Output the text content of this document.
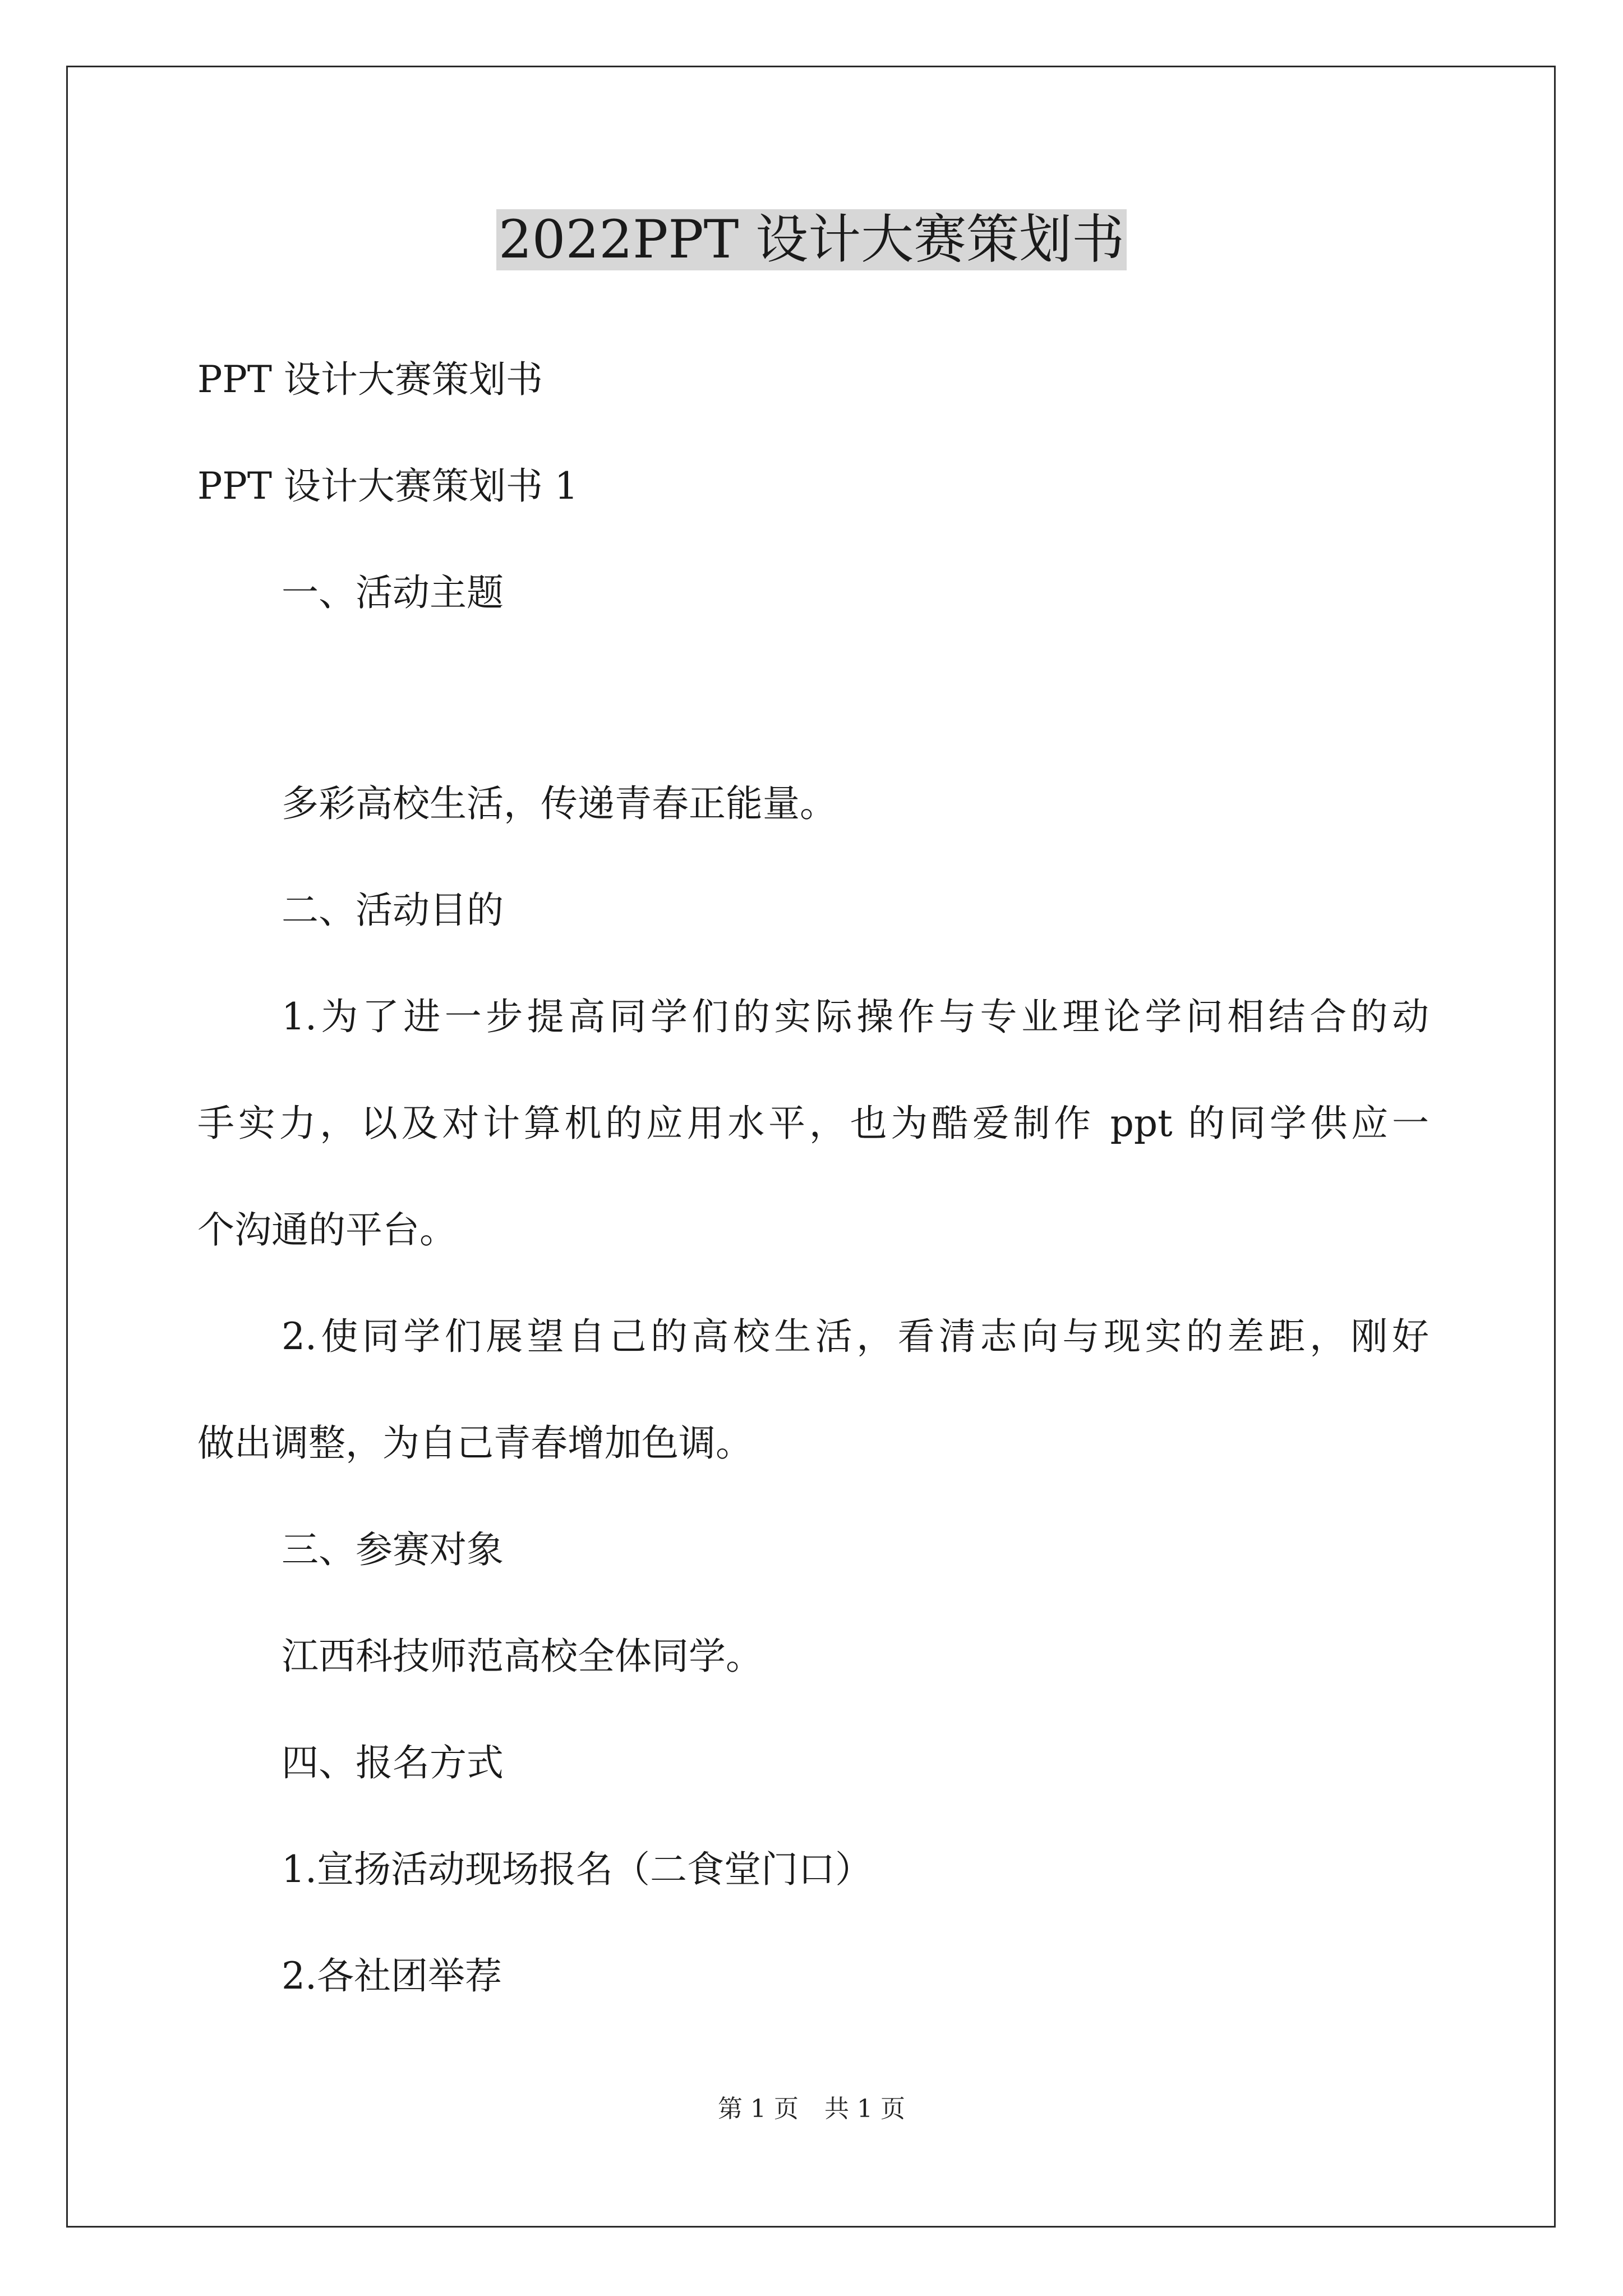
2022PPT 设计大赛策划书

PPT 设计大赛策划书

PPT 设计大赛策划书 1

一、活动主题

多彩高校生活，传递青春正能量。

二、活动目的

1.为了进一步提高同学们的实际操作与专业理论学问相结合的动

手实力，以及对计算机的应用水平，也为酷爱制作 ppt 的同学供应一

个沟通的平台。

2.使同学们展望自己的高校生活，看清志向与现实的差距，刚好

做出调整，为自己青春增加色调。

三、参赛对象

江西科技师范高校全体同学。

四、报名方式

1.宣扬活动现场报名（二食堂门口）

2.各社团举荐

第 1 页 共 1 页
